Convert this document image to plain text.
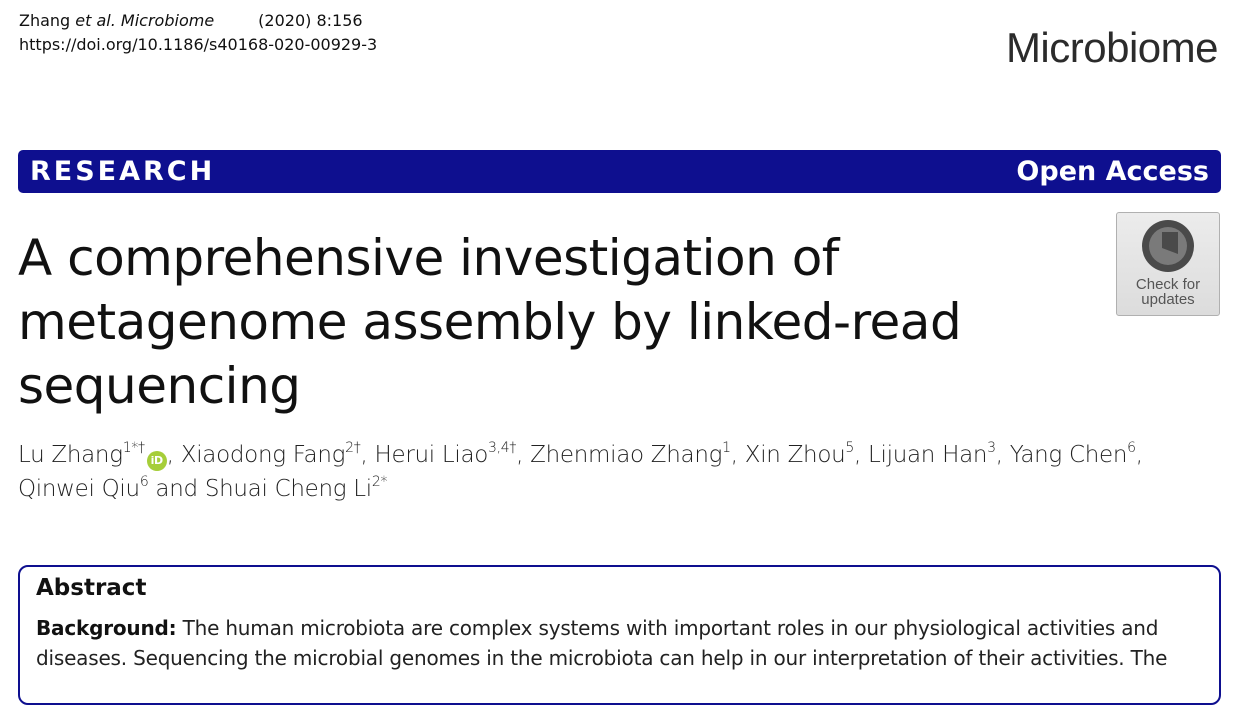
Zhang et al. Microbiome	(2020) 8:156
https://doi.org/10.1186/s40168-020-00929-3	Microbiome
RESEARCH	Open Access
A comprehensive investigation of metagenome assembly by linked-read sequencing
Check for
updates

Lu Zhang$^{1*\dagger}$iD , Xiaodong Fang$^{2\dagger}$, Herui Liao$^{3,4\dagger}$, Zhenmiao Zhang$^1$, Xin Zhou$^5$, Lijuan Han$^3$, Yang Chen$^6$,
Qinwei Qiu$^6$ and Shuai Cheng $Li^{2*}$

Abstract

Background: The human microbiota are complex systems with important roles in our physiological activities and diseases. Sequencing the microbial genomes in the microbiota can help in our interpretation of their activities. The
